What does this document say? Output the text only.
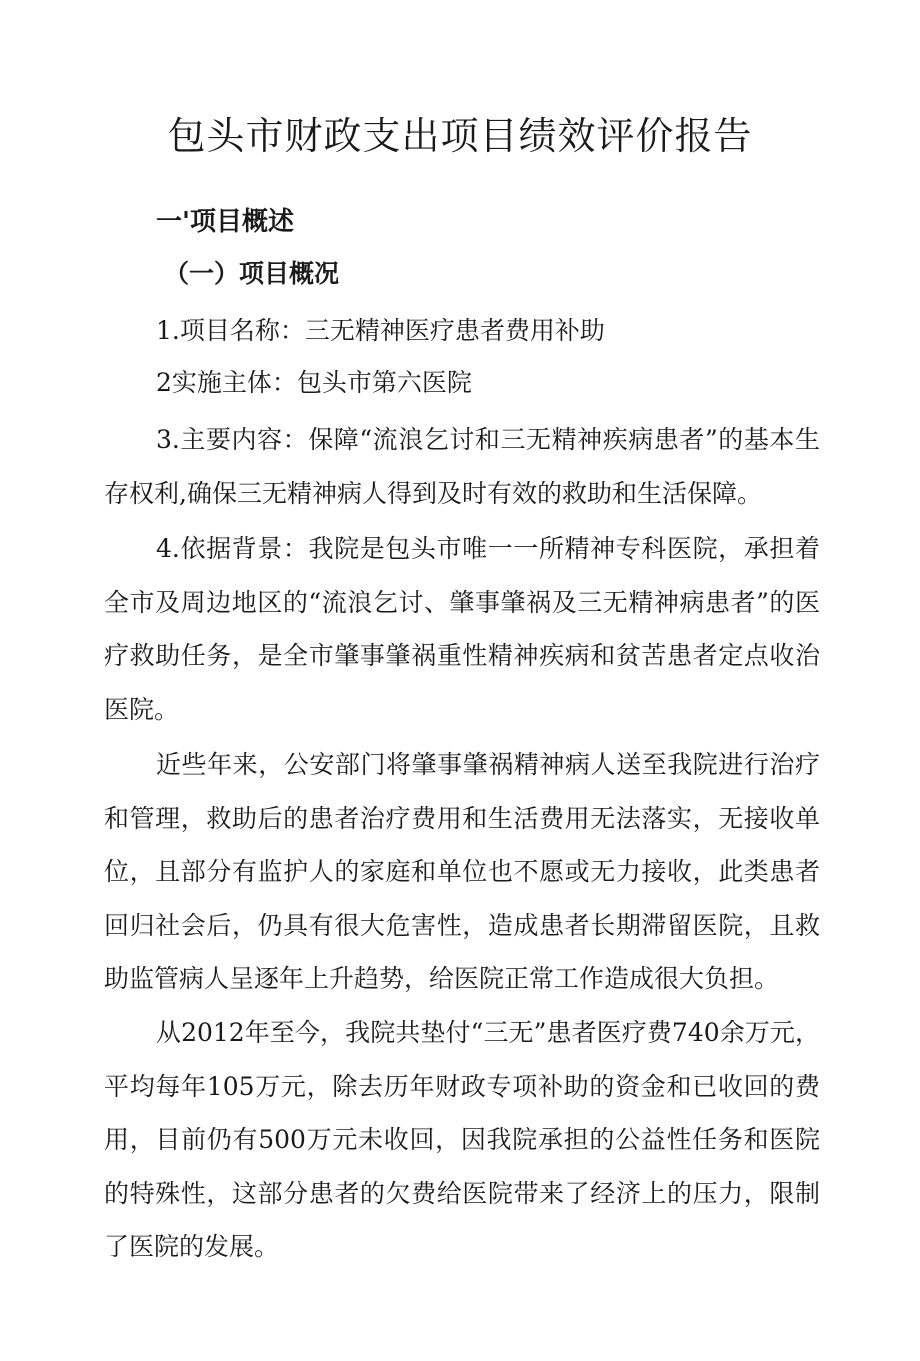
包头市财政支出项目绩效评价报告
一'项目概述
（一）项目概况

1.项目名称：三无精神医疗患者费用补助

2实施主体：包头市第六医院

3.主要内容：保障“流浪乞讨和三无精神疾病患者”的基本生存权利,确保三无精神病人得到及时有效的救助和生活保障。

4.依据背景：我院是包头市唯一一所精神专科医院，承担着全市及周边地区的“流浪乞讨、肇事肇祸及三无精神病患者”的医疗救助任务，是全市肇事肇祸重性精神疾病和贫苦患者定点收治医院。

近些年来，公安部门将肇事肇祸精神病人送至我院进行治疗和管理，救助后的患者治疗费用和生活费用无法落实，无接收单位，且部分有监护人的家庭和单位也不愿或无力接收，此类患者回归社会后，仍具有很大危害性，造成患者长期滞留医院，且救助监管病人呈逐年上升趋势，给医院正常工作造成很大负担。

从2012年至今，我院共垫付“三无”患者医疗费740余万元，平均每年105万元，除去历年财政专项补助的资金和已收回的费用，目前仍有500万元未收回，因我院承担的公益性任务和医院的特殊性，这部分患者的欠费给医院带来了经济上的压力，限制了医院的发展。
